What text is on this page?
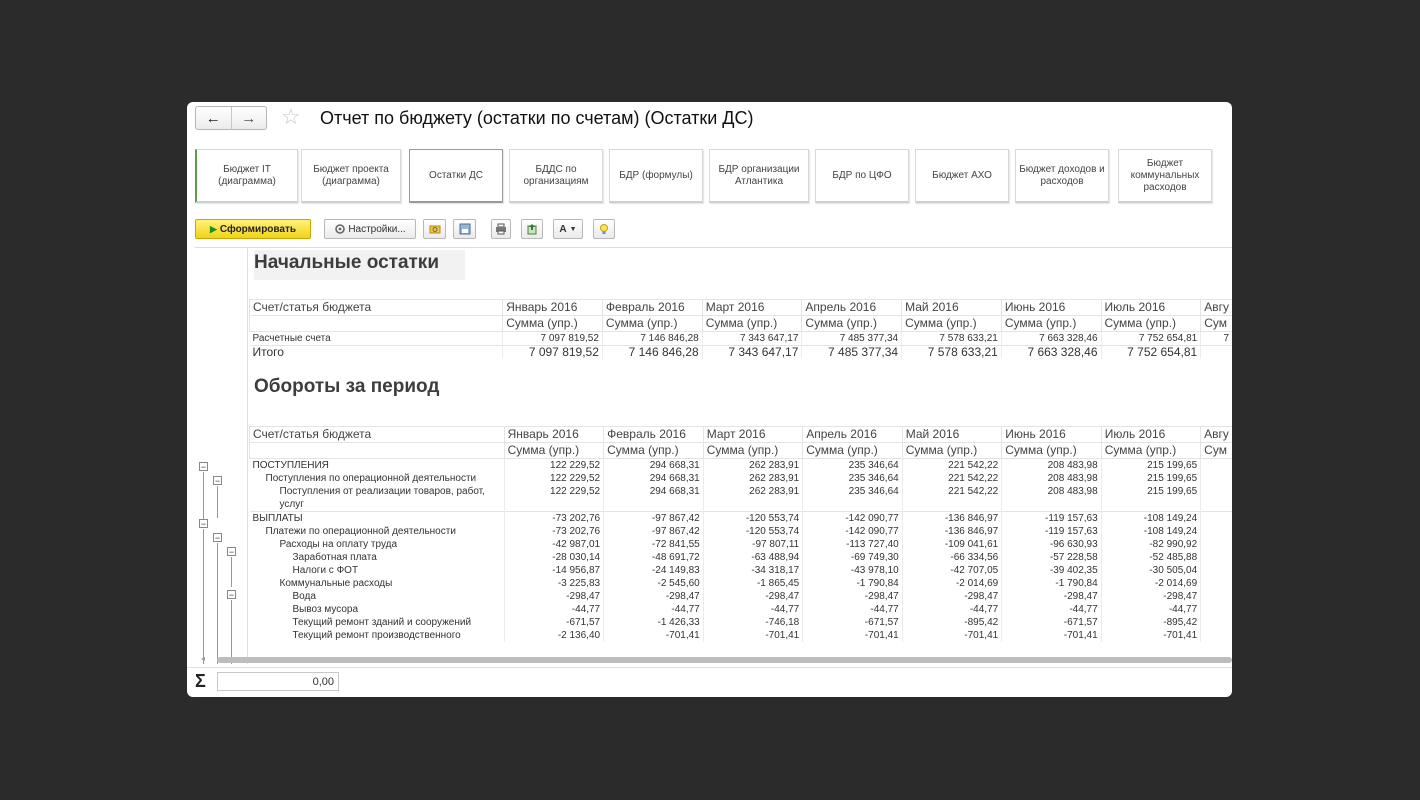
←	→	☆ Отчет по бюджету (остатки по счетам) (Остатки ДС)
Бюджет IT (диаграмма)
Бюджет проекта (диаграмма)
Остатки ДС
БДДС по организациям
БДР (формулы)
БДР организации Атлантика
БДР по ЦФО	Бюджет АХО
Бюджет доходов и расходов
Бюджет коммунальных расходов
▶ Сформировать	Настройки...	A ▼
Начальные остатки
Счет/статья бюджета	Январь 2016	Февраль 2016	Март 2016	Апрель 2016	Май 2016	Июнь 2016	Июль 2016	Авгу
	Сумма (упр.)	Сумма (упр.)	Сумма (упр.)	Сумма (упр.)	Сумма (упр.)	Сумма (упр.)	Сумма (упр.)	Сум
Расчетные счета	7 097 819,52	7 146 846,28	7 343 647,17	7 485 377,34	7 578 633,21	7 663 328,46	7 752 654,81	7
Итого	7 097 819,52	7 146 846,28	7 343 647,17	7 485 377,34	7 578 633,21	7 663 328,46	7 752 654,81	
Обороты за период
−
−
−
−
−
−
Счет/статья бюджета	Январь 2016	Февраль 2016	Март 2016	Апрель 2016	Май 2016	Июнь 2016	Июль 2016	Авгу
	Сумма (упр.)	Сумма (упр.)	Сумма (упр.)	Сумма (упр.)	Сумма (упр.)	Сумма (упр.)	Сумма (упр.)	Сум
ПОСТУПЛЕНИЯ	122 229,52	294 668,31	262 283,91	235 346,64	221 542,22	208 483,98	215 199,65	
Поступления по операционной деятельности	122 229,52	294 668,31	262 283,91	235 346,64	221 542,22	208 483,98	215 199,65	
Поступления от реализации товаров, работ,	122 229,52	294 668,31	262 283,91	235 346,64	221 542,22	208 483,98	215 199,65	
услуг								
ВЫПЛАТЫ	-73 202,76	-97 867,42	-120 553,74	-142 090,77	-136 846,97	-119 157,63	-108 149,24	
Платежи по операционной деятельности	-73 202,76	-97 867,42	-120 553,74	-142 090,77	-136 846,97	-119 157,63	-108 149,24	
Расходы на оплату труда	-42 987,01	-72 841,55	-97 807,11	-113 727,40	-109 041,61	-96 630,93	-82 990,92	
Заработная плата	-28 030,14	-48 691,72	-63 488,94	-69 749,30	-66 334,56	-57 228,58	-52 485,88	
Налоги с ФОТ	-14 956,87	-24 149,83	-34 318,17	-43 978,10	-42 707,05	-39 402,35	-30 505,04	
Коммунальные расходы	-3 225,83	-2 545,60	-1 865,45	-1 790,84	-2 014,69	-1 790,84	-2 014,69	
Вода	-298,47	-298,47	-298,47	-298,47	-298,47	-298,47	-298,47	
Вывоз мусора	-44,77	-44,77	-44,77	-44,77	-44,77	-44,77	-44,77	
Текущий ремонт зданий и сооружений	-671,57	-1 426,33	-746,18	-671,57	-895,42	-671,57	-895,42	
Текущий ремонт производственного	-2 136,40	-701,41	-701,41	-701,41	-701,41	-701,41	-701,41	
◂
Σ	0,00
